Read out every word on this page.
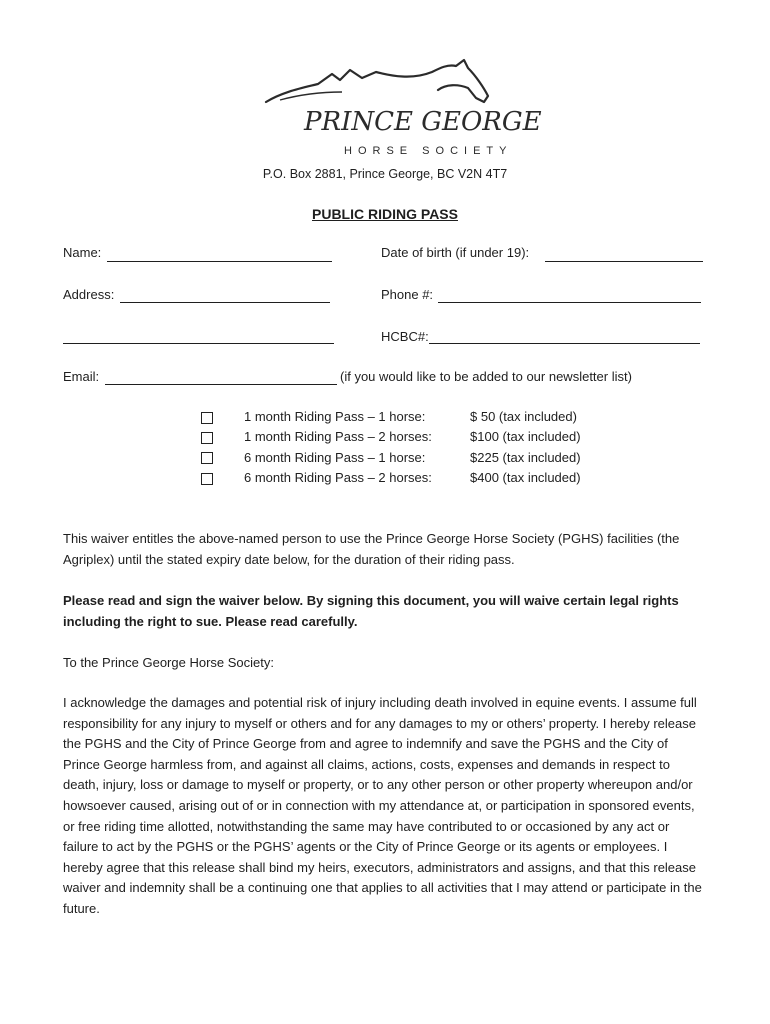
PRINCE GEORGE
HORSE SOCIETY
P.O. Box 2881, Prince George, BC V2N 4T7
PUBLIC RIDING PASS
Name:	Date of birth (if under 19):
Address:	Phone #:
HCBC#:
Email:	(if you would like to be added to our newsletter list)
1 month Riding Pass – 1 horse:	$ 50 (tax included)
1 month Riding Pass – 2 horses:	$100 (tax included)
6 month Riding Pass – 1 horse:	$225 (tax included)
6 month Riding Pass – 2 horses:	$400 (tax included)
This waiver entitles the above-named person to use the Prince George Horse Society (PGHS) facilities (the Agriplex) until the stated expiry date below, for the duration of their riding pass.
Please read and sign the waiver below. By signing this document, you will waive certain legal rights including the right to sue. Please read carefully.
To the Prince George Horse Society:
I acknowledge the damages and potential risk of injury including death involved in equine events. I assume full responsibility for any injury to myself or others and for any damages to my or others’ property. I hereby release the PGHS and the City of Prince George from and agree to indemnify and save the PGHS and the City of Prince George harmless from, and against all claims, actions, costs, expenses and demands in respect to death, injury, loss or damage to myself or property, or to any other person or other property whereupon and/or howsoever caused, arising out of or in connection with my attendance at, or participation in sponsored events, or free riding time allotted, notwithstanding the same may have contributed to or occasioned by any act or failure to act by the PGHS or the PGHS’ agents or the City of Prince George or its agents or employees. I hereby agree that this release shall bind my heirs, executors, administrators and assigns, and that this release waiver and indemnity shall be a continuing one that applies to all activities that I may attend or participate in the future.
